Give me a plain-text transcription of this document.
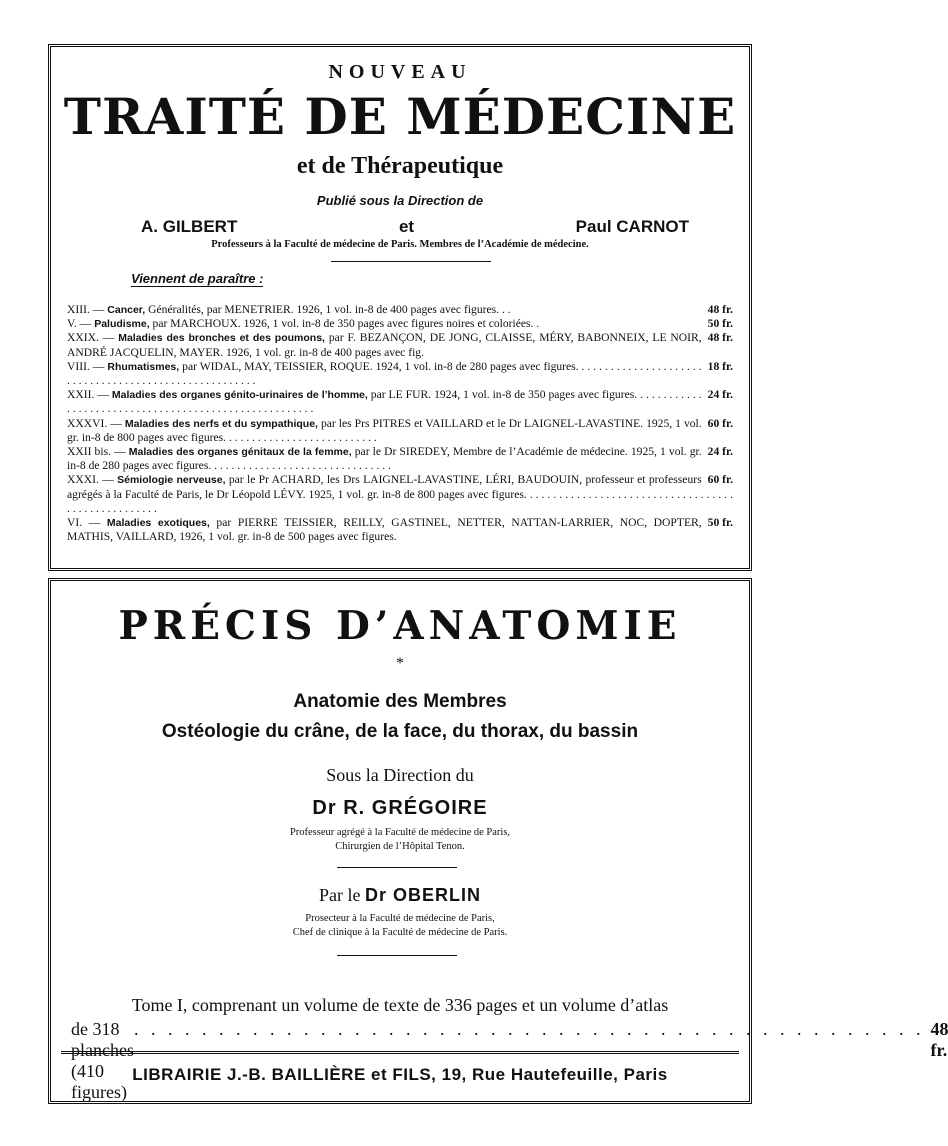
NOUVEAU
TRAITÉ DE MÉDECINE
et de Thérapeutique
Publié sous la Direction de
A. GILBERT	et	Paul CARNOT
Professeurs à la Faculté de médecine de Paris. Membres de l’Académie de médecine.
Viennent de paraître :

48 fr.
XIII. — Cancer, Généralités, par MENETRIER. 1926, 1 vol. in-8 de 400 pages avec figures. . .

50 fr.
V. — Paludisme, par MARCHOUX. 1926, 1 vol. in-8 de 350 pages avec figures noires et coloriées. .

48 fr.
XXIX. — Maladies des bronches et des poumons, par F. BEZANÇON, DE JONG, CLAISSE, MÉRY, BABONNEIX, LE NOIR, ANDRÉ JACQUELIN, MAYER. 1926, 1 vol. gr. in-8 de 400 pages avec fig.

18 fr.
VIII. — Rhumatismes, par WIDAL, MAY, TEISSIER, ROQUE. 1924, 1 vol. in-8 de 280 pages avec figures. . . . . . . . . . . . . . . . . . . . . . . . . . . . . . . . . . . . . . . . . . . . . . . . . . . . . . .

24 fr.
XXII. — Maladies des organes génito-urinaires de l’homme, par LE FUR. 1924, 1 vol. in-8 de 350 pages avec figures. . . . . . . . . . . . . . . . . . . . . . . . . . . . . . . . . . . . . . . . . . . . . . . . . . . . . . .

60 fr.
XXXVI. — Maladies des nerfs et du sympathique, par les Prs PITRES et VAILLARD et le Dr LAIGNEL-LAVASTINE. 1925, 1 vol. gr. in-8 de 800 pages avec figures. . . . . . . . . . . . . . . . . . . . . . . . . . .

24 fr.
XXII bis. — Maladies des organes génitaux de la femme, par le Dr SIREDEY, Membre de l’Académie de médecine. 1925, 1 vol. gr. in-8 de 280 pages avec figures. . . . . . . . . . . . . . . . . . . . . . . . . . . . . . . .

60 fr.
XXXI. — Sémiologie nerveuse, par le Pr ACHARD, les Drs LAIGNEL-LAVASTINE, LÉRI, BAUDOUIN, professeur et professeurs agrégés à la Faculté de Paris, le Dr Léopold LÉVY. 1925, 1 vol. gr. in-8 de 800 pages avec figures. . . . . . . . . . . . . . . . . . . . . . . . . . . . . . . . . . . . . . . . . . . . . . . . . . . .

50 fr.
VI. — Maladies exotiques, par PIERRE TEISSIER, REILLY, GASTINEL, NETTER, NATTAN-LARRIER, NOC, DOPTER, MATHIS, VAILLARD, 1926, 1 vol. gr. in-8 de 500 pages avec figures.

PRÉCIS D’ANATOMIE
*
Anatomie des Membres
Ostéologie du crâne, de la face, du thorax, du bassin
Sous la Direction du
Dr R. GRÉGOIRE
Professeur agrégé à la Faculté de médecine de Paris,
Chirurgien de l’Hôpital Tenon.
Par le Dr OBERLIN
Prosecteur à la Faculté de médecine de Paris,
Chef de clinique à la Faculté de médecine de Paris.
Tome I, comprenant un volume de texte de 336 pages et un volume d’atlas
de 318 planches (410 figures)
. . . . . . . . . . . . . . . . . . . . . . . . . . . . . . . . . . . . . . . . . . . . . . . 48 fr.
LIBRAIRIE J.-B. BAILLIÈRE et FILS, 19, Rue Hautefeuille, Paris
